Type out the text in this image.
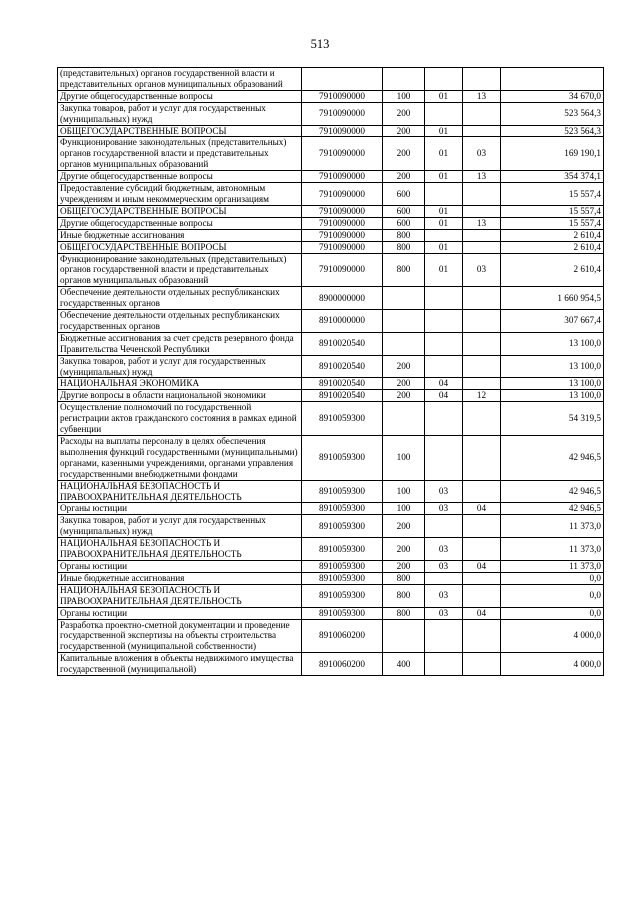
513
(представительных) органов государственной власти и представительных органов муниципальных образований					
Другие общегосударственные вопросы	7910090000	100	01	13	34 670,0
Закупка товаров, работ и услуг для государственных (муниципальных) нужд	7910090000	200			523 564,3
ОБЩЕГОСУДАРСТВЕННЫЕ ВОПРОСЫ	7910090000	200	01		523 564,3
Функционирование законодательных (представительных) органов государственной власти и представительных органов муниципальных образований	7910090000	200	01	03	169 190,1
Другие общегосударственные вопросы	7910090000	200	01	13	354 374,1
Предоставление субсидий бюджетным, автономным учреждениям и иным некоммерческим организациям	7910090000	600			15 557,4
ОБЩЕГОСУДАРСТВЕННЫЕ ВОПРОСЫ	7910090000	600	01		15 557,4
Другие общегосударственные вопросы	7910090000	600	01	13	15 557,4
Иные бюджетные ассигнования	7910090000	800			2 610,4
ОБЩЕГОСУДАРСТВЕННЫЕ ВОПРОСЫ	7910090000	800	01		2 610,4
Функционирование законодательных (представительных) органов государственной власти и представительных органов муниципальных образований	7910090000	800	01	03	2 610,4
Обеспечение деятельности отдельных республиканских государственных органов	8900000000				1 660 954,5
Обеспечение деятельности отдельных республиканских государственных органов	8910000000				307 667,4
Бюджетные ассигнования за счет средств резервного фонда Правительства Чеченской Республики	8910020540				13 100,0
Закупка товаров, работ и услуг для государственных (муниципальных) нужд	8910020540	200			13 100,0
НАЦИОНАЛЬНАЯ ЭКОНОМИКА	8910020540	200	04		13 100,0
Другие вопросы в области национальной экономики	8910020540	200	04	12	13 100,0
Осуществление полномочий по государственной регистрации актов гражданского состояния в рамках единой субвенции	8910059300				54 319,5
Расходы на выплаты персоналу в целях обеспечения выполнения функций государственными (муниципальными) органами, казенными учреждениями, органами управления государственными внебюджетными фондами	8910059300	100			42 946,5
НАЦИОНАЛЬНАЯ БЕЗОПАСНОСТЬ И ПРАВООХРАНИТЕЛЬНАЯ ДЕЯТЕЛЬНОСТЬ	8910059300	100	03		42 946,5
Органы юстиции	8910059300	100	03	04	42 946,5
Закупка товаров, работ и услуг для государственных (муниципальных) нужд	8910059300	200			11 373,0
НАЦИОНАЛЬНАЯ БЕЗОПАСНОСТЬ И ПРАВООХРАНИТЕЛЬНАЯ ДЕЯТЕЛЬНОСТЬ	8910059300	200	03		11 373,0
Органы юстиции	8910059300	200	03	04	11 373,0
Иные бюджетные ассигнования	8910059300	800			0,0
НАЦИОНАЛЬНАЯ БЕЗОПАСНОСТЬ И ПРАВООХРАНИТЕЛЬНАЯ ДЕЯТЕЛЬНОСТЬ	8910059300	800	03		0,0
Органы юстиции	8910059300	800	03	04	0,0
Разработка проектно-сметной документации и проведение государственной экспертизы на объекты строительства государственной (муниципальной собственности)	8910060200				4 000,0
Капитальные вложения в объекты недвижимого имущества государственной (муниципальной)	8910060200	400			4 000,0
